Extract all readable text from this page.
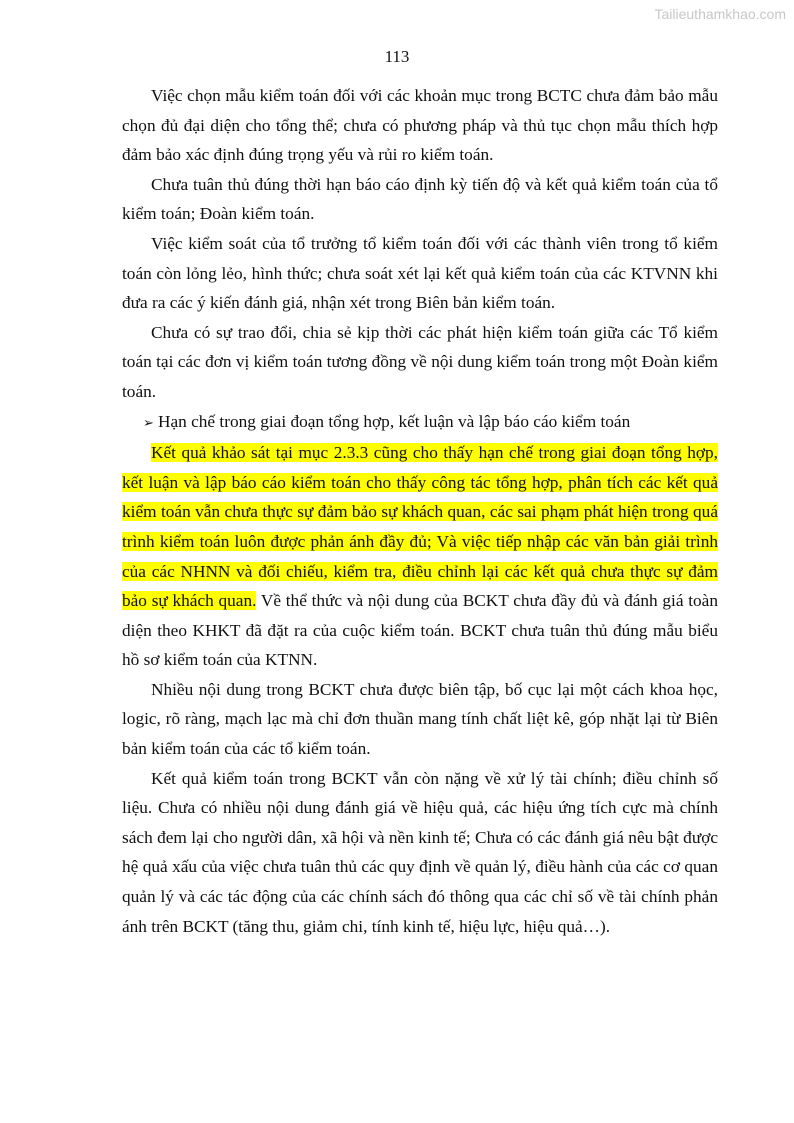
Tailieuthamkhao.com
113

Việc chọn mẫu kiểm toán đối với các khoản mục trong BCTC chưa đảm bảo mẫu chọn đủ đại diện cho tổng thể; chưa có phương pháp và thủ tục chọn mẫu thích hợp đảm bảo xác định đúng trọng yếu và rủi ro kiểm toán.

Chưa tuân thủ đúng thời hạn báo cáo định kỳ tiến độ và kết quả kiểm toán của tổ kiểm toán; Đoàn kiểm toán.

Việc kiểm soát của tổ trưởng tổ kiểm toán đối với các thành viên trong tổ kiểm toán còn lỏng lẻo, hình thức; chưa soát xét lại kết quả kiểm toán của các KTVNN khi đưa ra các ý kiến đánh giá, nhận xét trong Biên bản kiểm toán.

Chưa có sự trao đổi, chia sẻ kịp thời các phát hiện kiểm toán giữa các Tổ kiểm toán tại các đơn vị kiểm toán tương đồng về nội dung kiểm toán trong một Đoàn kiểm toán.

➢ Hạn chế trong giai đoạn tổng hợp, kết luận và lập báo cáo kiểm toán

Kết quả khảo sát tại mục 2.3.3 cũng cho thấy hạn chế trong giai đoạn tổng hợp, kết luận và lập báo cáo kiểm toán cho thấy công tác tổng hợp, phân tích các kết quả kiểm toán vẫn chưa thực sự đảm bảo sự khách quan, các sai phạm phát hiện trong quá trình kiểm toán luôn được phản ánh đầy đủ; Và việc tiếp nhập các văn bản giải trình của các NHNN và đối chiếu, kiểm tra, điều chỉnh lại các kết quả chưa thực sự đảm bảo sự khách quan. Về thể thức và nội dung của BCKT chưa đầy đủ và đánh giá toàn diện theo KHKT đã đặt ra của cuộc kiểm toán. BCKT chưa tuân thủ đúng mẫu biểu hồ sơ kiểm toán của KTNN.

Nhiều nội dung trong BCKT chưa được biên tập, bố cục lại một cách khoa học, logic, rõ ràng, mạch lạc mà chỉ đơn thuần mang tính chất liệt kê, góp nhặt lại từ Biên bản kiểm toán của các tổ kiểm toán.

Kết quả kiểm toán trong BCKT vẫn còn nặng về xử lý tài chính; điều chỉnh số liệu. Chưa có nhiều nội dung đánh giá về hiệu quả, các hiệu ứng tích cực mà chính sách đem lại cho người dân, xã hội và nền kinh tế; Chưa có các đánh giá nêu bật được hệ quả xấu của việc chưa tuân thủ các quy định về quản lý, điều hành của các cơ quan quản lý và các tác động của các chính sách đó thông qua các chỉ số về tài chính phản ánh trên BCKT (tăng thu, giảm chi, tính kinh tế, hiệu lực, hiệu quả…).
